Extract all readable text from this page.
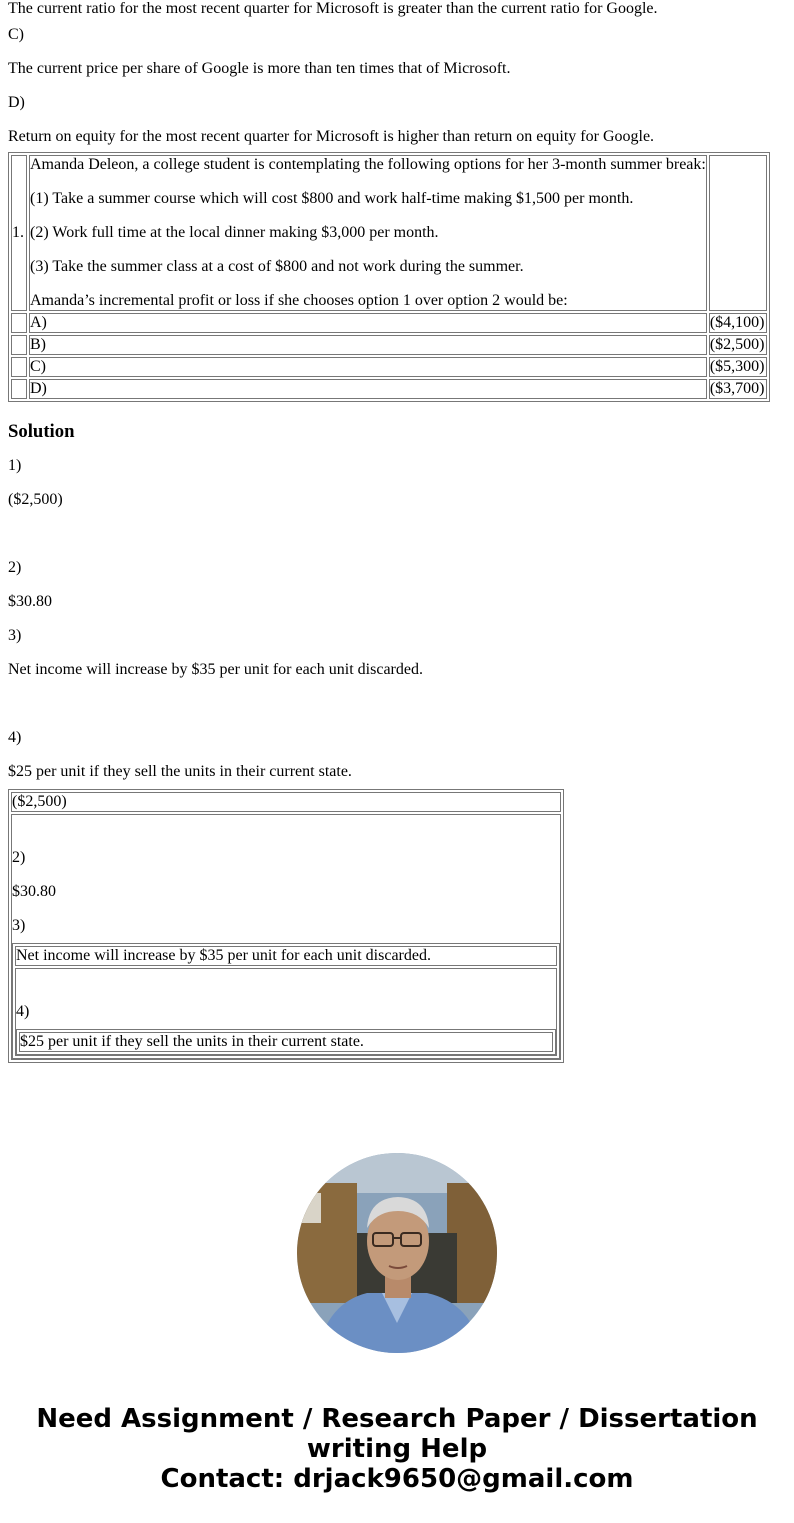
The current ratio for the most recent quarter for Microsoft is greater than the current ratio for Google.

C)

The current price per share of Google is more than ten times that of Microsoft.

D)

Return on equity for the most recent quarter for Microsoft is higher than return on equity for Google.

1.	Amanda Deleon, a college student is contemplating the following options for her 3-month summer break:

(1) Take a summer course which will cost $800 and work half-time making $1,500 per month.

(2) Work full time at the local dinner making $3,000 per month.

(3) Take the summer class at a cost of $800 and not work during the summer.

Amanda’s incremental profit or loss if she chooses option 1 over option 2 would be:	

	A)	($4,100)
	B)	($2,500)
	C)	($5,300)
	D)	($3,700)
Solution

1)

($2,500)

2)

$30.80

3)

Net income will increase by $35 per unit for each unit discarded.

4)

$25 per unit if they sell the units in their current state.

($2,500)

2)

$30.80

3)

Net income will increase by $35 per unit for each unit discarded.

4)

$25 per unit if they sell the units in their current state.
Need Assignment / Research Paper / Dissertation
writing Help
Contact: drjack9650@gmail.com
